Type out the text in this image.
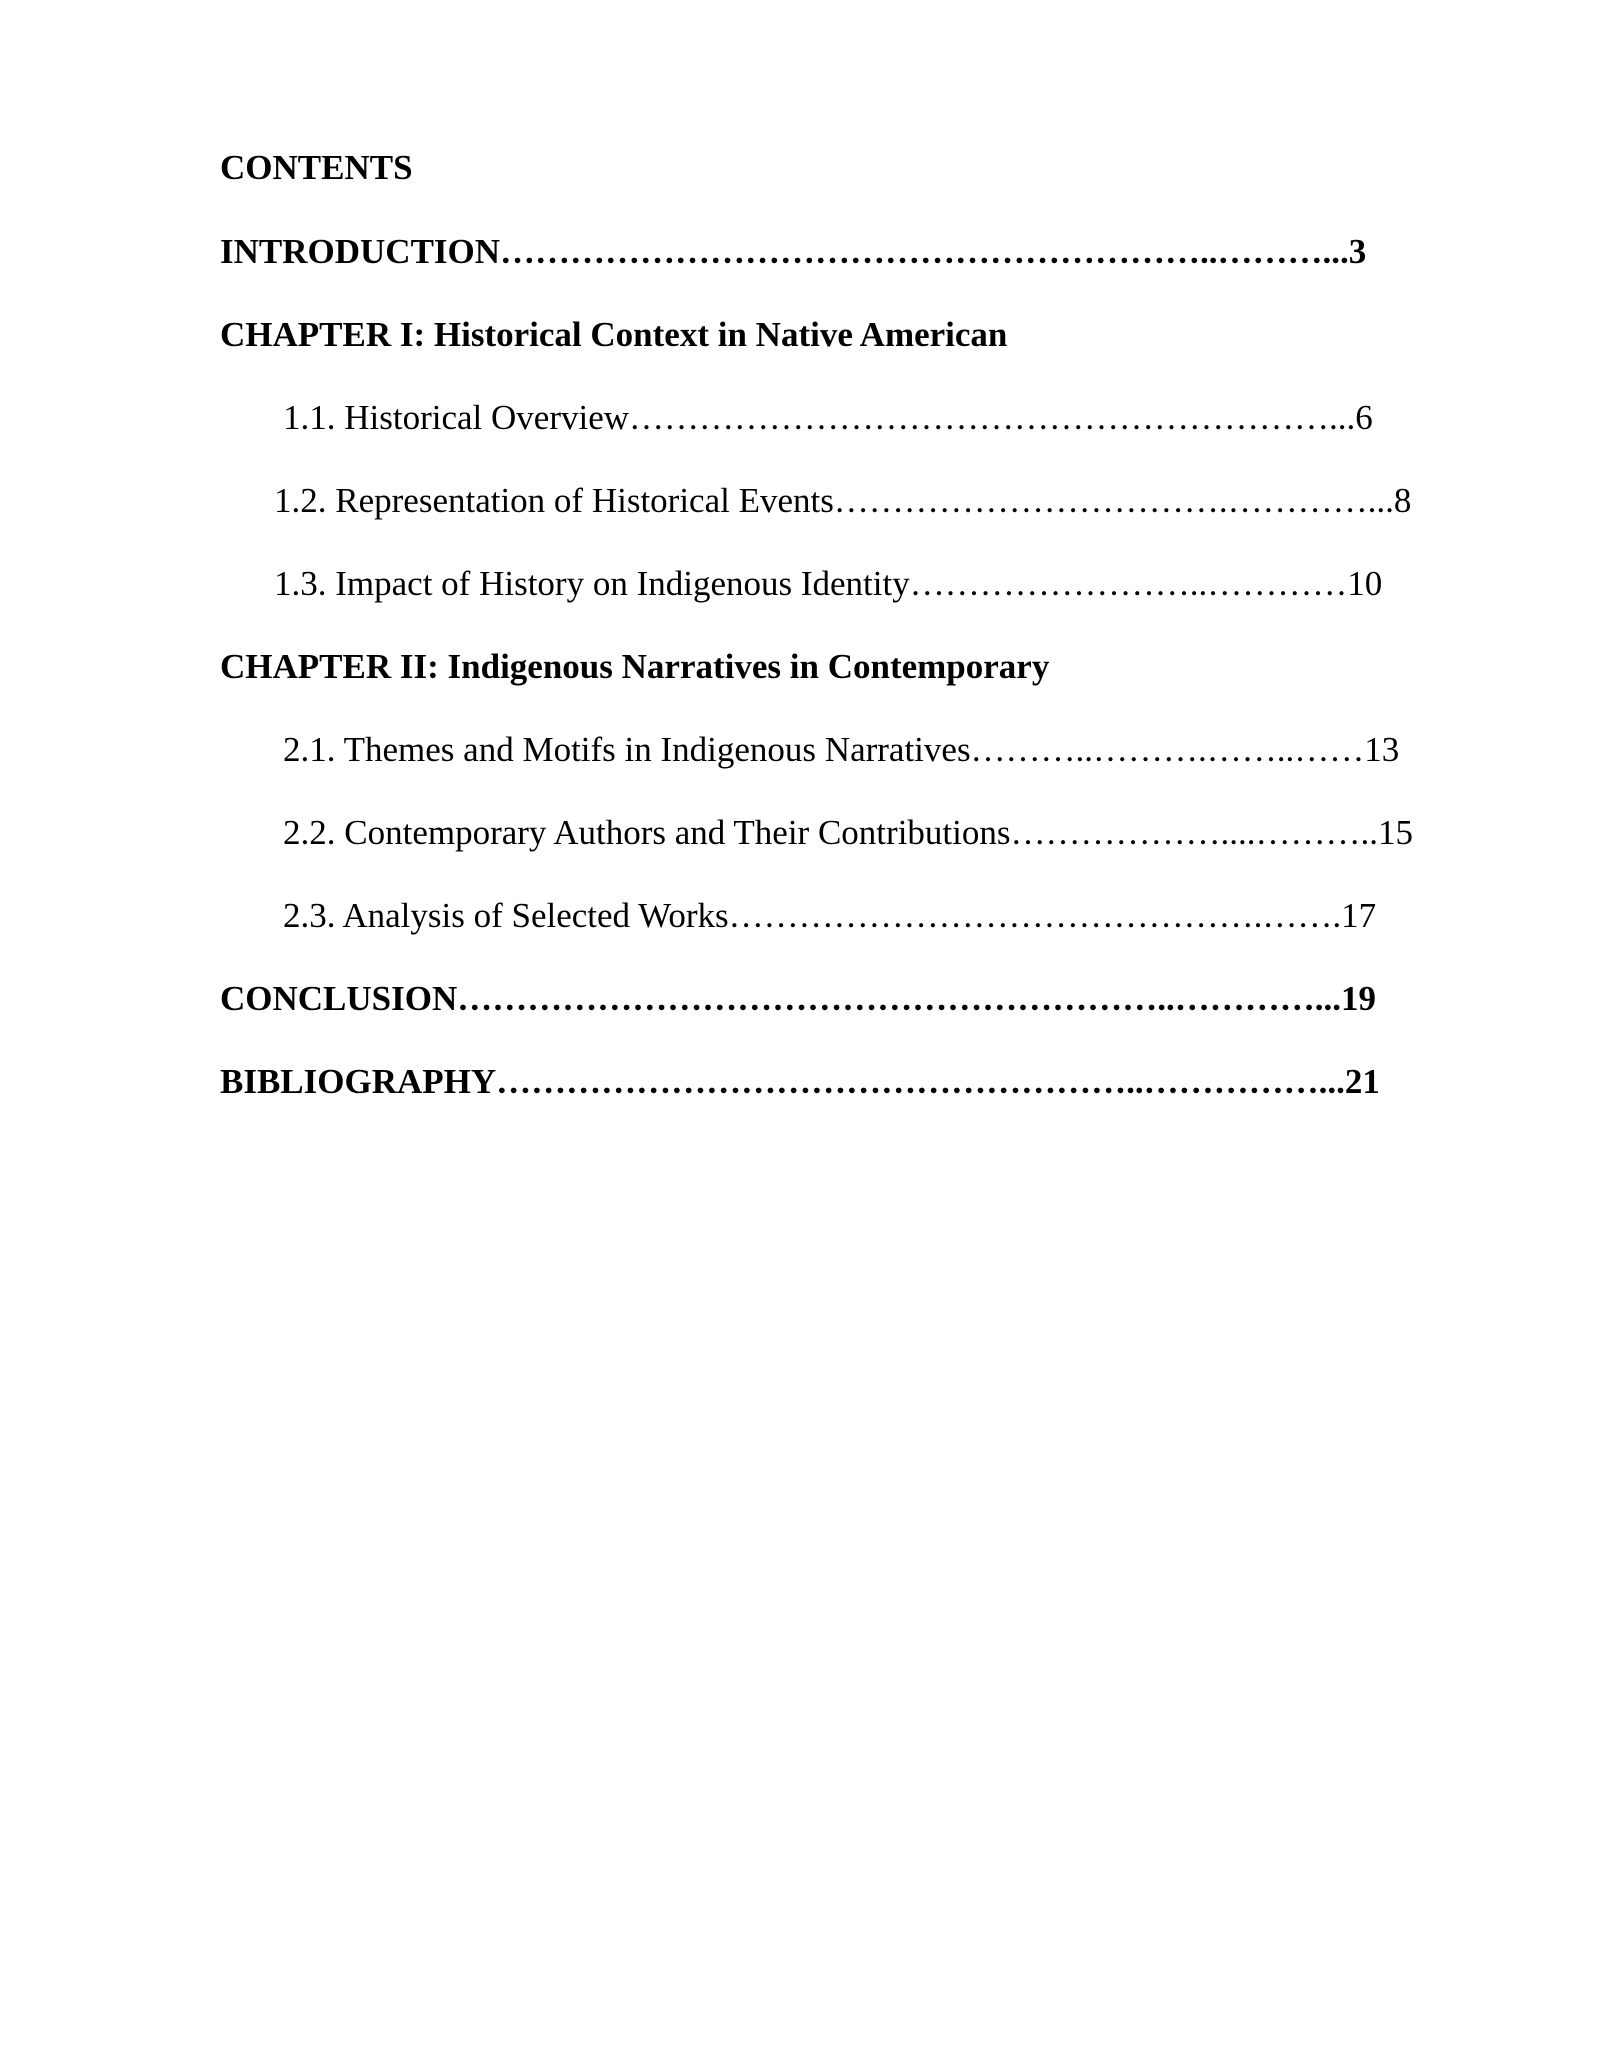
CONTENTS
INTRODUCTION……………………………………………………..………...3
CHAPTER I: Historical Context in Native American
1.1. Historical Overview……………………………………………………...6
1.2. Representation of Historical Events…………………………….…………...8
1.3. Impact of History on Indigenous Identity……………………..…………10
CHAPTER II: Indigenous Narratives in Contemporary
2.1. Themes and Motifs in Indigenous Narratives………..……….……..……13
2.2. Contemporary Authors and Their Contributions………………....………..15
2.3. Analysis of Selected Works……………………………………….…….17
CONCLUSION……………………………………………………..…………...19
BIBLIOGRAPHY………………………………………………..……………...21
